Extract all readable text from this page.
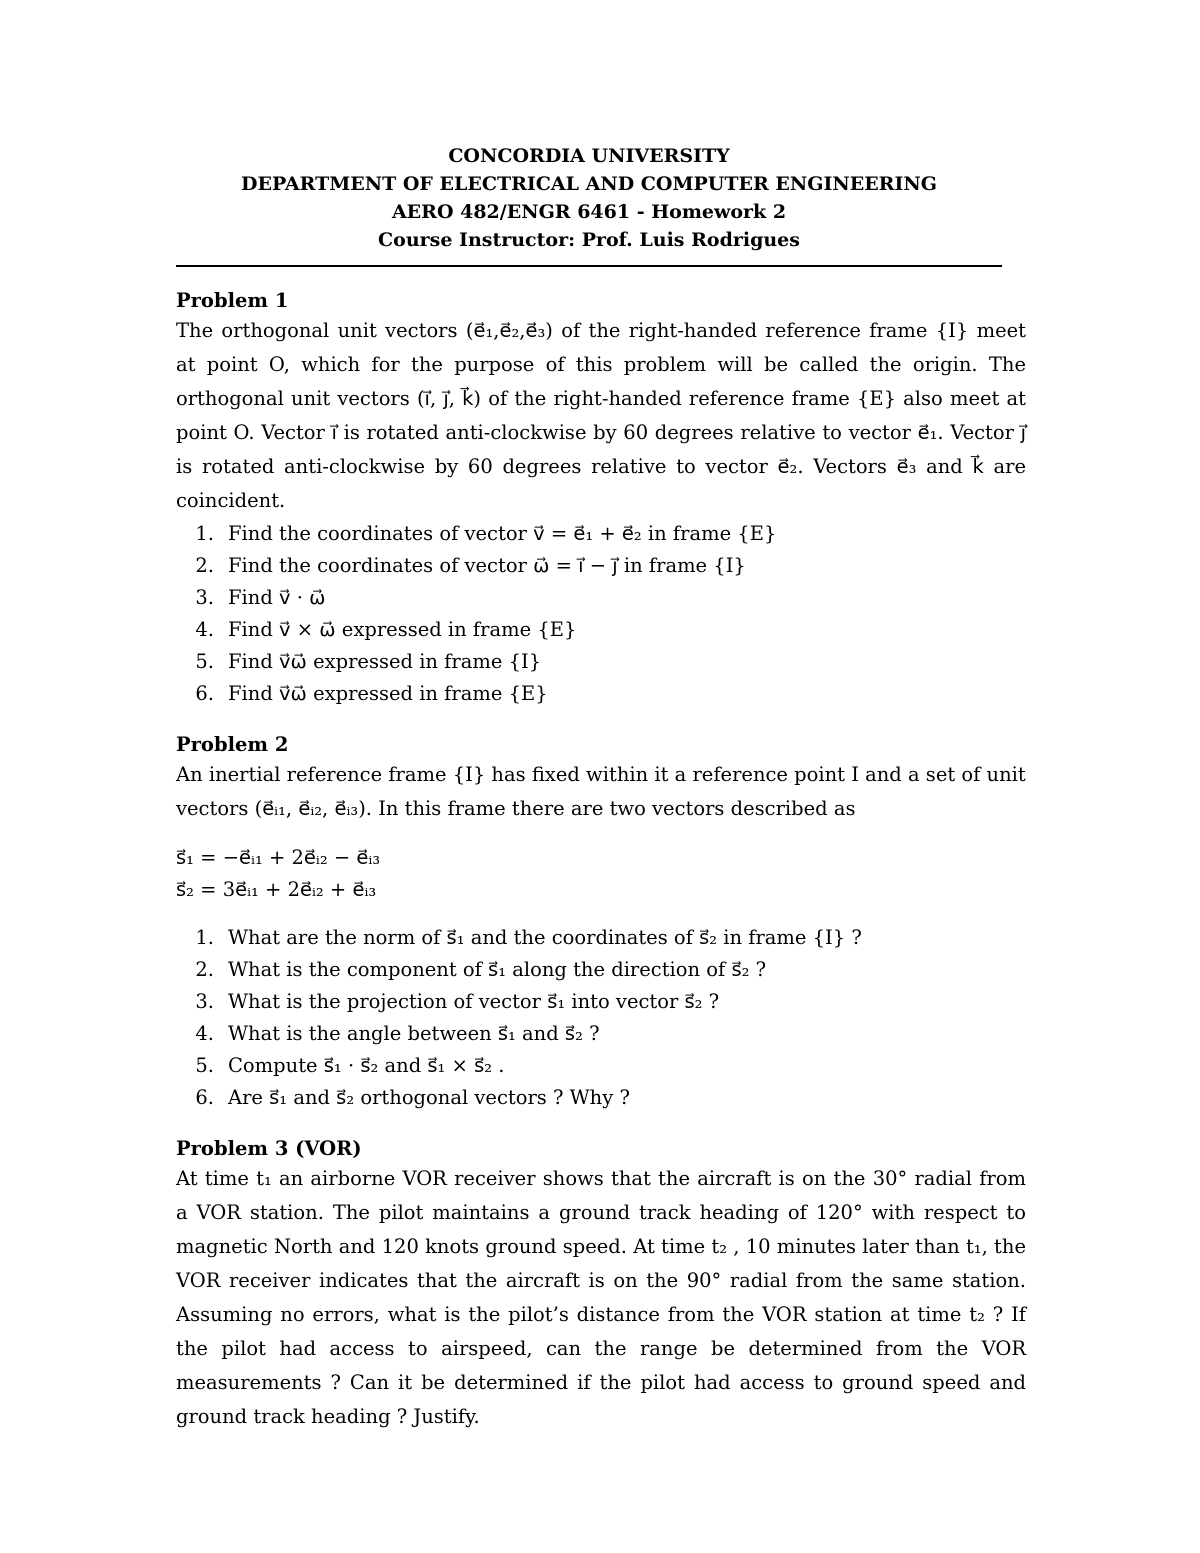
CONCORDIA UNIVERSITY
DEPARTMENT OF ELECTRICAL AND COMPUTER ENGINEERING
AERO 482/ENGR 6461 - Homework 2
Course Instructor: Prof. Luis Rodrigues

Problem 1

The orthogonal unit vectors (e⃗₁,e⃗₂,e⃗₃) of the right-handed reference frame {I} meet at point O, which for the purpose of this problem will be called the origin. The orthogonal unit vectors (i⃗, j⃗, k⃗) of the right-handed reference frame {E} also meet at point O. Vector i⃗ is rotated anti-clockwise by 60 degrees relative to vector e⃗₁. Vector j⃗ is rotated anti-clockwise by 60 degrees relative to vector e⃗₂. Vectors e⃗₃ and k⃗ are coincident.

1. Find the coordinates of vector v⃗ = e⃗₁ + e⃗₂ in frame {E}
2. Find the coordinates of vector ω⃗ = i⃗ − j⃗ in frame {I}
3. Find v⃗ · ω⃗
4. Find v⃗ × ω⃗ expressed in frame {E}
5. Find v⃗ω⃗ expressed in frame {I}
6. Find v⃗ω⃗ expressed in frame {E}

Problem 2

An inertial reference frame {I} has fixed within it a reference point I and a set of unit vectors (e⃗ᵢ₁, e⃗ᵢ₂, e⃗ᵢ₃). In this frame there are two vectors described as

s⃗₁ = −e⃗ᵢ₁ + 2e⃗ᵢ₂ − e⃗ᵢ₃
s⃗₂ = 3e⃗ᵢ₁ + 2e⃗ᵢ₂ + e⃗ᵢ₃
1. What are the norm of s⃗₁ and the coordinates of s⃗₂ in frame {I} ?
2. What is the component of s⃗₁ along the direction of s⃗₂ ?
3. What is the projection of vector s⃗₁ into vector s⃗₂ ?
4. What is the angle between s⃗₁ and s⃗₂ ?
5. Compute s⃗₁ · s⃗₂ and s⃗₁ × s⃗₂ .
6. Are s⃗₁ and s⃗₂ orthogonal vectors ? Why ?

Problem 3 (VOR)

At time t₁ an airborne VOR receiver shows that the aircraft is on the 30° radial from a VOR station. The pilot maintains a ground track heading of 120° with respect to magnetic North and 120 knots ground speed. At time t₂ , 10 minutes later than t₁, the VOR receiver indicates that the aircraft is on the 90° radial from the same station. Assuming no errors, what is the pilot’s distance from the VOR station at time t₂ ? If the pilot had access to airspeed, can the range be determined from the VOR measurements ? Can it be determined if the pilot had access to ground speed and ground track heading ? Justify.
